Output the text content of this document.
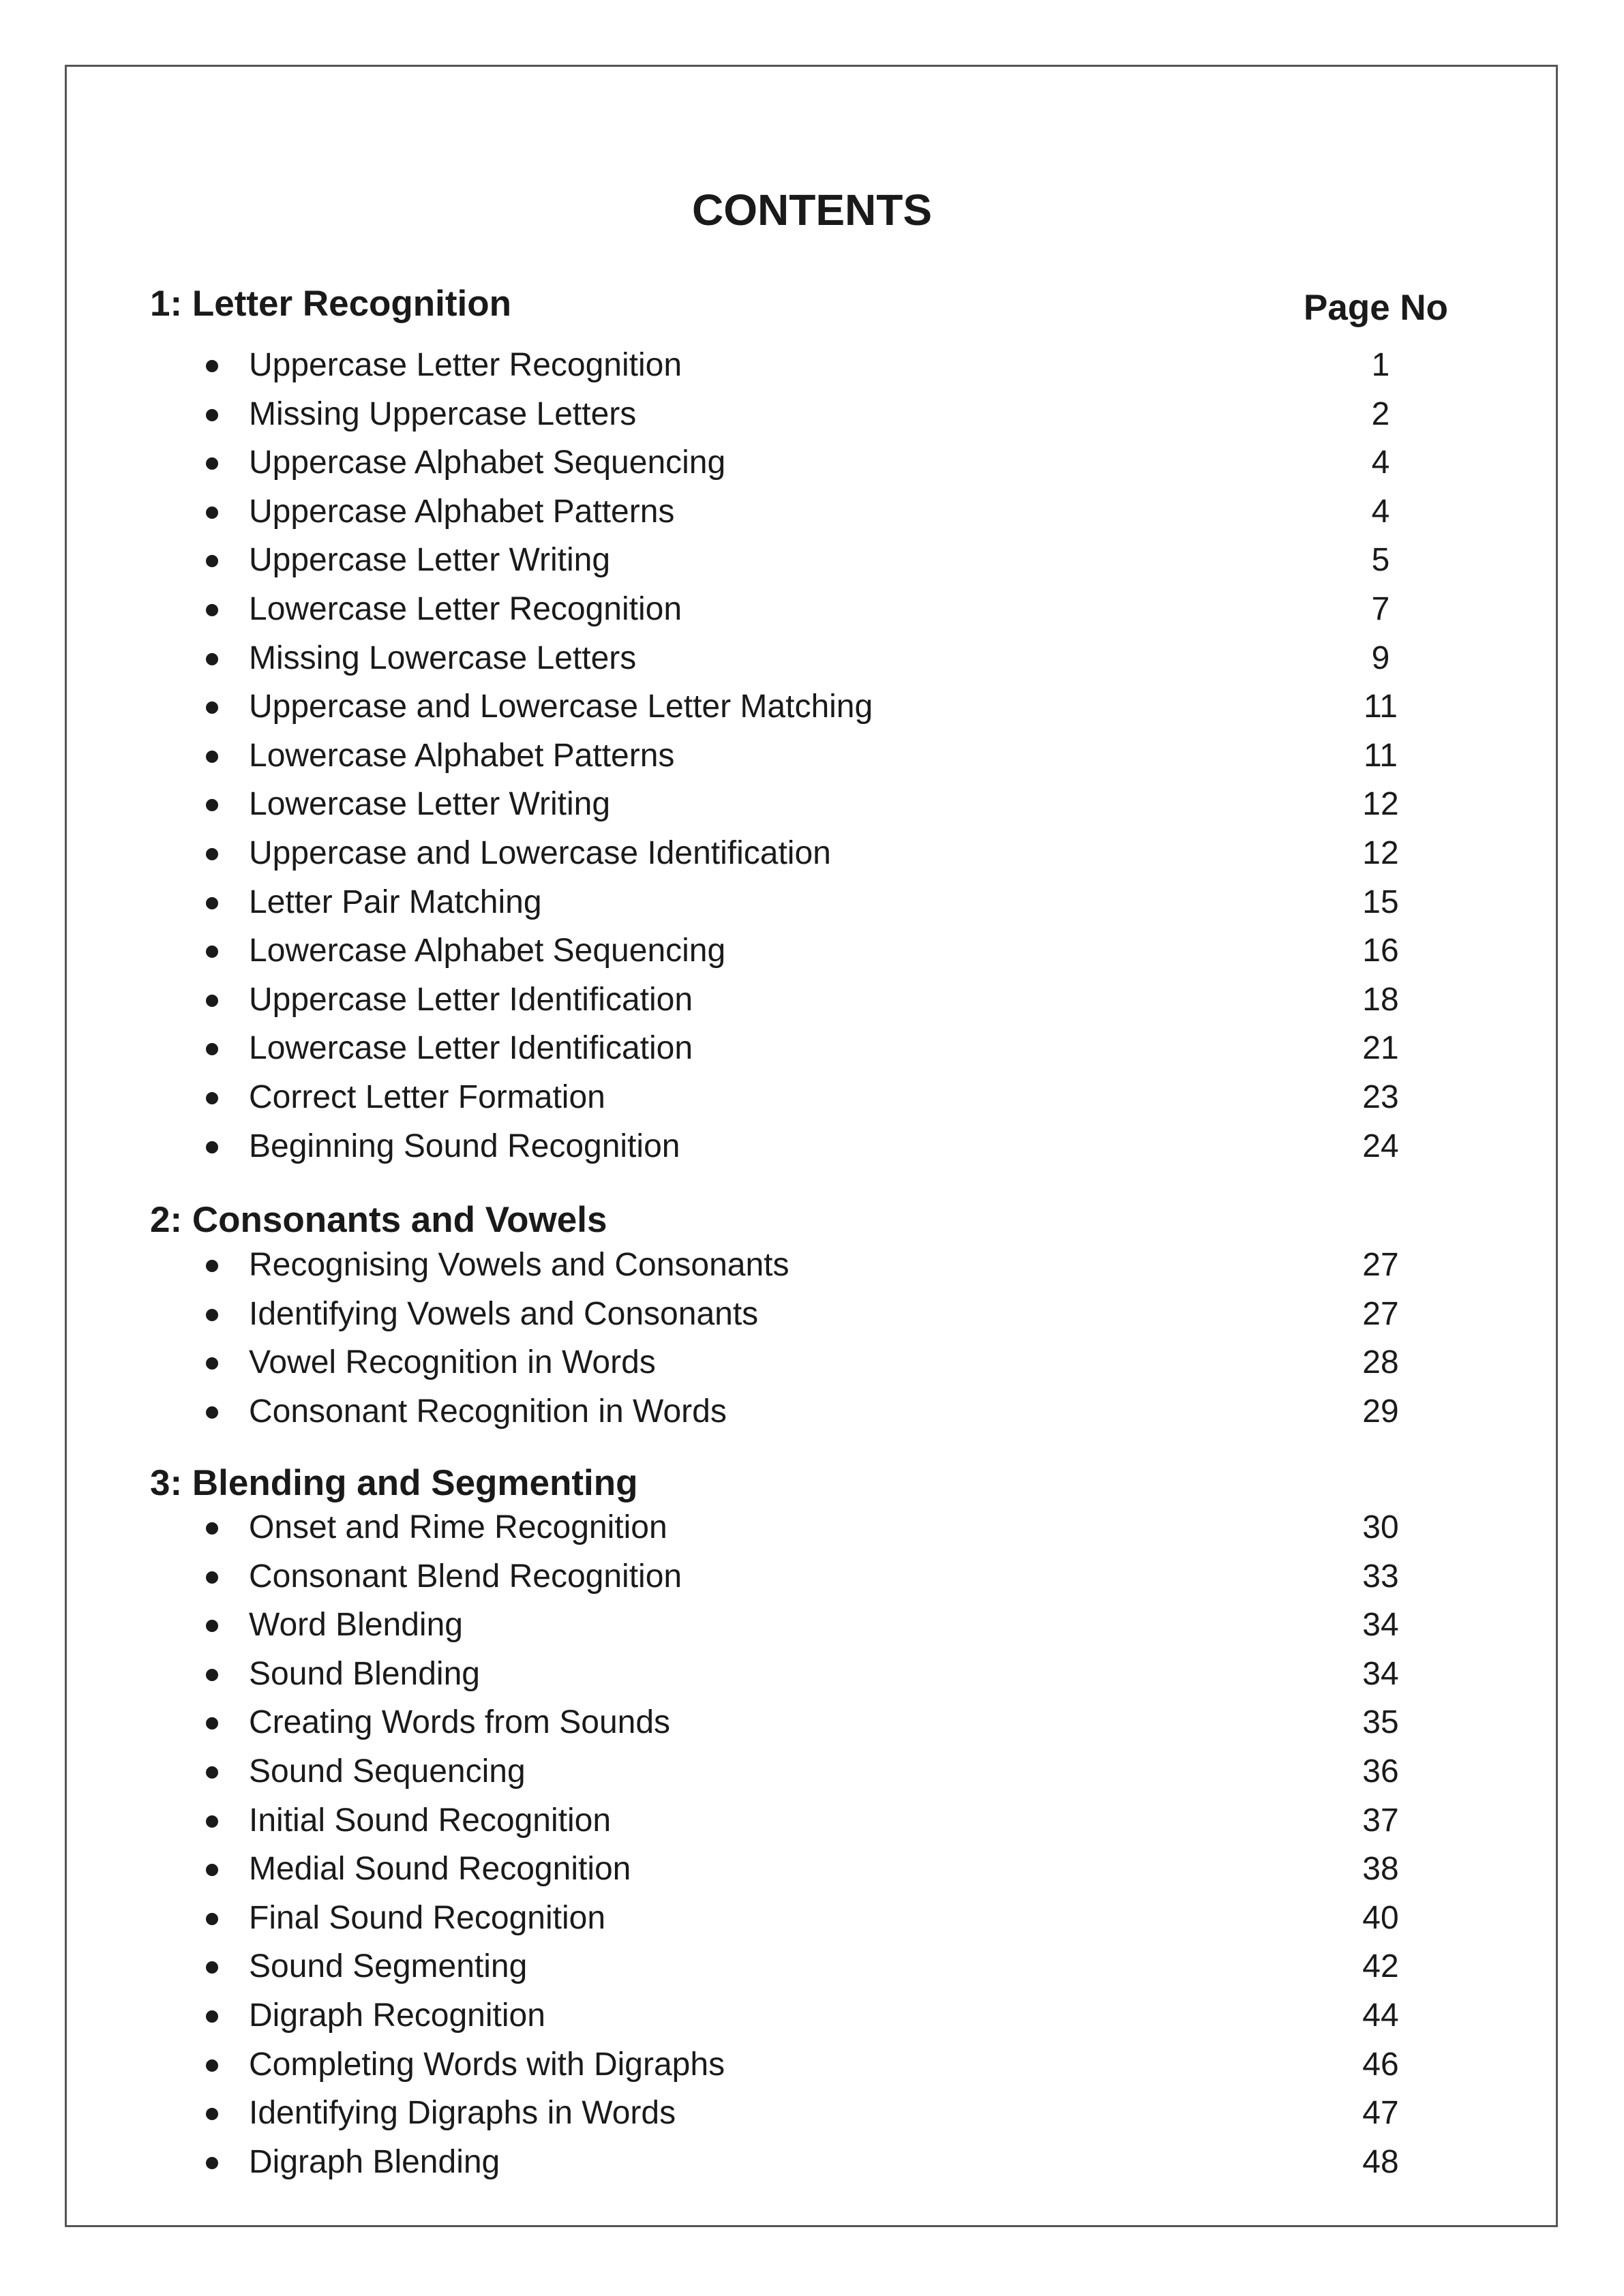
CONTENTS
Page No
1: Letter Recognition
Uppercase Letter Recognition	1
Missing Uppercase Letters	2
Uppercase Alphabet Sequencing	4
Uppercase Alphabet Patterns	4
Uppercase Letter Writing	5
Lowercase Letter Recognition	7
Missing Lowercase Letters	9
Uppercase and Lowercase Letter Matching	11
Lowercase Alphabet Patterns	11
Lowercase Letter Writing	12
Uppercase and Lowercase Identification	12
Letter Pair Matching	15
Lowercase Alphabet Sequencing	16
Uppercase Letter Identification	18
Lowercase Letter Identification	21
Correct Letter Formation	23
Beginning Sound Recognition	24
2: Consonants and Vowels
Recognising Vowels and Consonants	27
Identifying Vowels and Consonants	27
Vowel Recognition in Words	28
Consonant Recognition in Words	29
3: Blending and Segmenting
Onset and Rime Recognition	30
Consonant Blend Recognition	33
Word Blending	34
Sound Blending	34
Creating Words from Sounds	35
Sound Sequencing	36
Initial Sound Recognition	37
Medial Sound Recognition	38
Final Sound Recognition	40
Sound Segmenting	42
Digraph Recognition	44
Completing Words with Digraphs	46
Identifying Digraphs in Words	47
Digraph Blending	48
